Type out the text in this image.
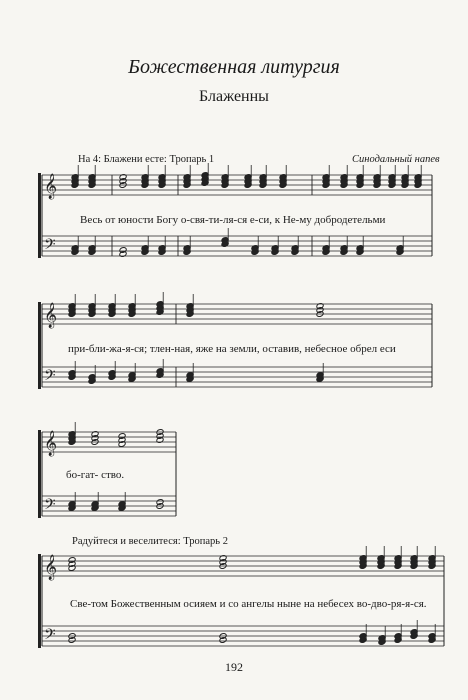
Божественная литургия
Блаженны
На 4: Блажени есте: Тропарь 1	Синодальный напев
Весь от юности Богу о-свя-ти-ля-ся е-си, к Не-му добродетельми
при-бли-жа-я-ся; тлен-ная, яже на земли, оставив, небесное обрел еси
бо-гат- ство.
Радуйтеся и веселитеся: Тропарь 2
Све-том Божественным осияем и со ангелы ныне на небесех во-дво-ря-я-ся.
192
𝄞
𝄢
𝄞
𝄢
𝄞
𝄢
𝄞
𝄢
